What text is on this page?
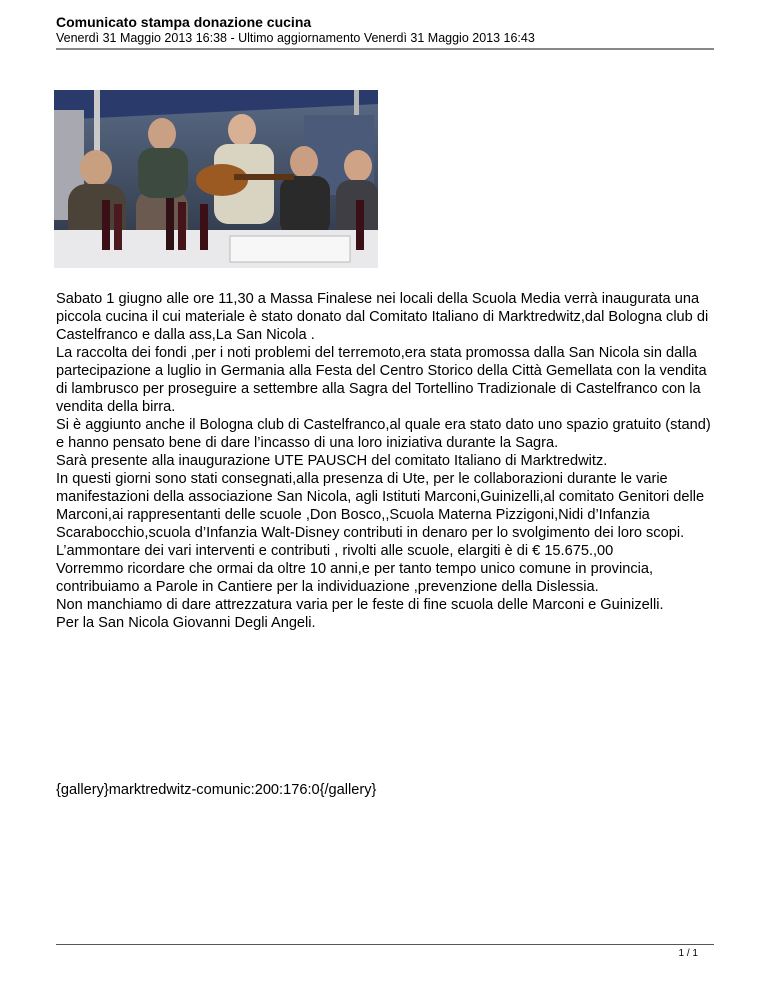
Comunicato stampa donazione cucina
Venerdì 31 Maggio 2013 16:38 - Ultimo aggiornamento Venerdì 31 Maggio 2013 16:43

Sabato 1 giugno alle ore 11,30 a Massa Finalese nei locali della Scuola Media verrà inaugurata una piccola cucina il cui materiale è stato donato dal Comitato Italiano di Marktredwitz,dal Bologna club di Castelfranco e dalla ass,La San Nicola .

La raccolta dei fondi ,per i noti problemi del terremoto,era stata promossa dalla San Nicola sin dalla partecipazione a luglio in Germania alla Festa del Centro Storico della Città Gemellata con la vendita di lambrusco per proseguire a settembre alla Sagra del Tortellino Tradizionale di Castelfranco con la vendita della birra.

Si è aggiunto anche il Bologna club di Castelfranco,al quale era stato dato uno spazio gratuito (stand) e hanno pensato bene di dare l’incasso di una loro iniziativa durante la Sagra.

Sarà presente alla inaugurazione UTE PAUSCH del comitato Italiano di Marktredwitz.

In questi giorni sono stati consegnati,alla presenza di Ute, per le collaborazioni durante le varie manifestazioni della associazione San Nicola, agli Istituti Marconi,Guinizelli,al comitato Genitori delle Marconi,ai rappresentanti delle scuole ,Don Bosco,,Scuola Materna Pizzigoni,Nidi d’Infanzia Scarabocchio,scuola d’Infanzia Walt-Disney contributi in denaro per lo svolgimento dei loro scopi.

L’ammontare dei vari interventi e contributi , rivolti alle scuole, elargiti è di € 15.675.,00

Vorremmo ricordare che ormai da oltre 10 anni,e per tanto tempo unico comune in provincia, contribuiamo a Parole in Cantiere per la individuazione ,prevenzione della Dislessia.

Non manchiamo di dare attrezzatura varia per le feste di fine scuola delle Marconi e Guinizelli.

Per la San Nicola Giovanni Degli Angeli.

{gallery}marktredwitz-comunic:200:176:0{/gallery}
1 / 1
